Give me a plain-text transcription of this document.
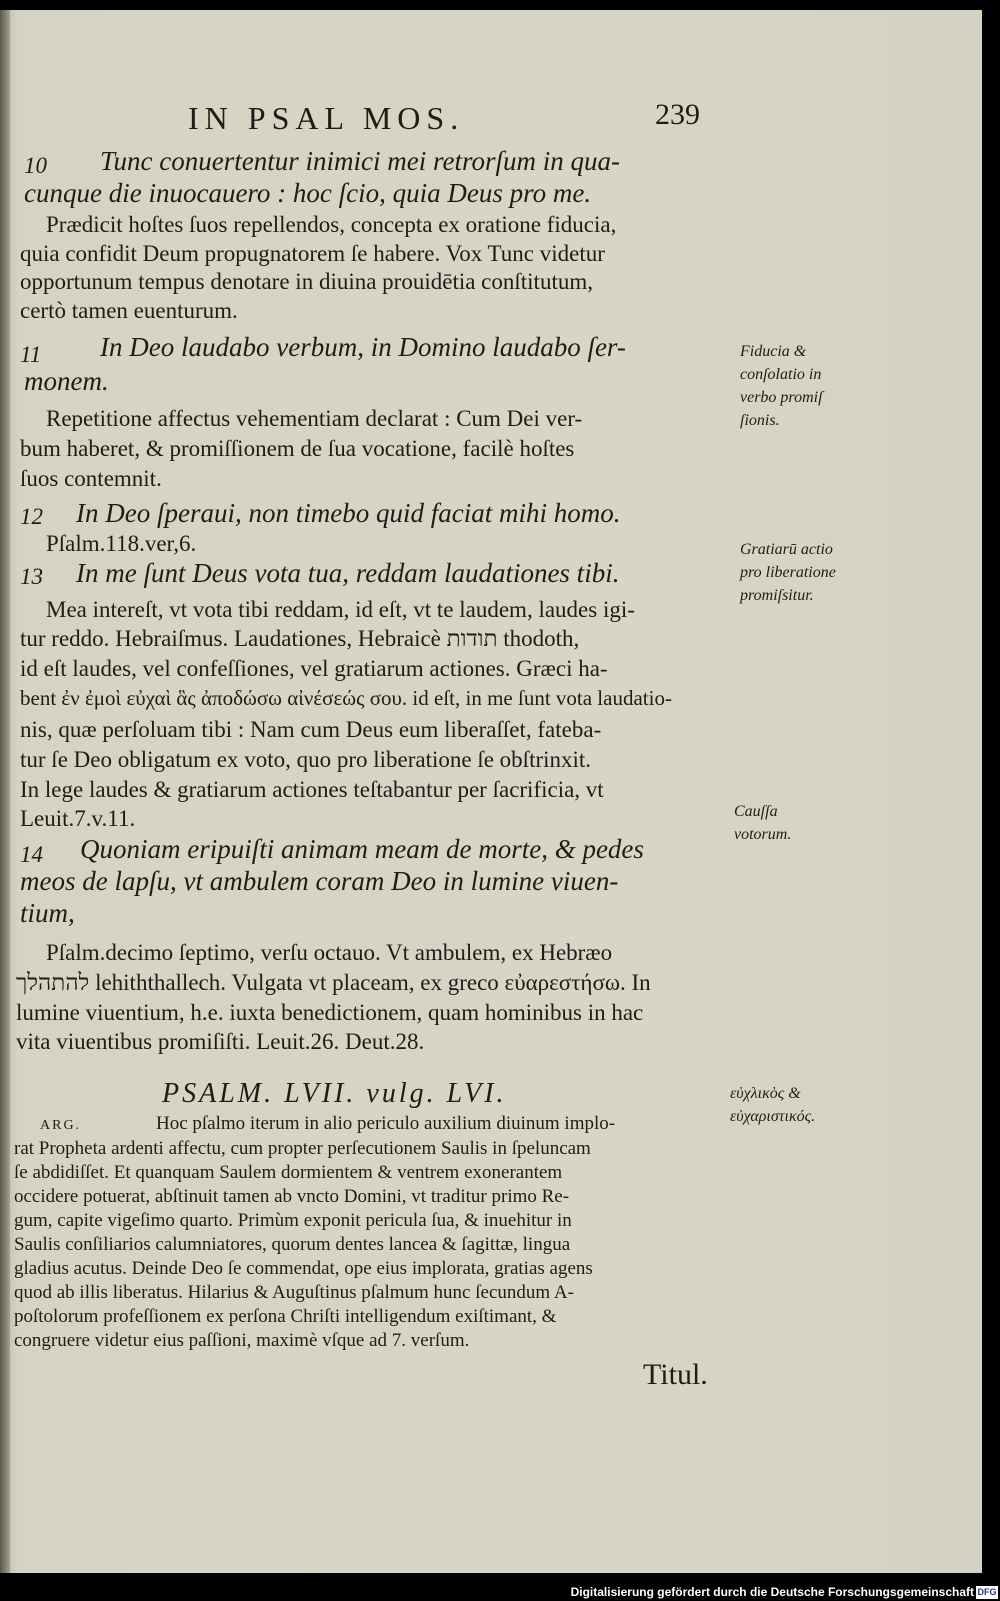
IN PSAL MOS.	239
10 Tunc conuertentur inimici mei retrorſum in qua-
cunque die inuocauero : hoc ſcio, quia Deus pro me.
Prædicit hoſtes ſuos repellendos, concepta ex oratione fiducia,
quia confidit Deum propugnatorem ſe habere. Vox Tunc videtur
opportunum tempus denotare in diuina prouidētia conſtitutum,
certò tamen euenturum.
11 In Deo laudabo verbum, in Domino laudabo ſer-
monem.
Repetitione affectus vehementiam declarat : Cum Dei ver-
bum haberet, & promiſſionem de ſua vocatione, facilè hoſtes
ſuos contemnit.
12 In Deo ſperaui, non timebo quid faciat mihi homo.
Pſalm.118.ver,6.
13 In me ſunt Deus vota tua, reddam laudationes tibi.
Mea intereſt, vt vota tibi reddam, id eſt, vt te laudem, laudes igi-
tur reddo. Hebraiſmus. Laudationes, Hebraicè תודות thodoth,
id eſt laudes, vel confeſſiones, vel gratiarum actiones. Græci ha-
bent ἐν ἐμοὶ εὐχαὶ ἃς ἀποδώσω αἰνέσεώς σου. id eſt, in me ſunt vota laudatio-
nis, quæ perſoluam tibi : Nam cum Deus eum liberaſſet, fateba-
tur ſe Deo obligatum ex voto, quo pro liberatione ſe obſtrinxit.
In lege laudes & gratiarum actiones teſtabantur per ſacrificia, vt
Leuit.7.v.11.
14 Quoniam eripuiſti animam meam de morte, & pedes
meos de lapſu, vt ambulem coram Deo in lumine viuen-
tium,
Pſalm.decimo ſeptimo, verſu octauo. Vt ambulem, ex Hebræo
להתהלך lehiththallech. Vulgata vt placeam, ex greco εὐαρεστήσω. In
lumine viuentium, h.e. iuxta benedictionem, quam hominibus in hac
vita viuentibus promiſiſti. Leuit.26. Deut.28.
Fiducia & conſolatio in verbo promiſ ſionis.
Gratiarū actio pro liberatione promiſsitur.
Cauſſa votorum.
εὐχλικὸς & εὐχαριστικός.
PSALM. LVII. vulg. LVI.
ARG.	Hoc pſalmo iterum in alio periculo auxilium diuinum implo-
rat Propheta ardenti affectu, cum propter perſecutionem Saulis in ſpeluncam
ſe abdidiſſet. Et quanquam Saulem dormientem & ventrem exonerantem
occidere potuerat, abſtinuit tamen ab vncto Domini, vt traditur primo Re-
gum, capite vigeſimo quarto. Primùm exponit pericula ſua, & inuehitur in
Saulis conſiliarios calumniatores, quorum dentes lancea & ſagittæ, lingua
gladius acutus. Deinde Deo ſe commendat, ope eius implorata, gratias agens
quod ab illis liberatus. Hilarius & Auguſtinus pſalmum hunc ſecundum A-
poſtolorum profeſſionem ex perſona Chriſti intelligendum exiſtimant, &
congruere videtur eius paſſioni, maximè vſque ad 7. verſum.
Titul.
Digitalisierung gefördert durch die Deutsche Forschungsgemeinschaft DFG
